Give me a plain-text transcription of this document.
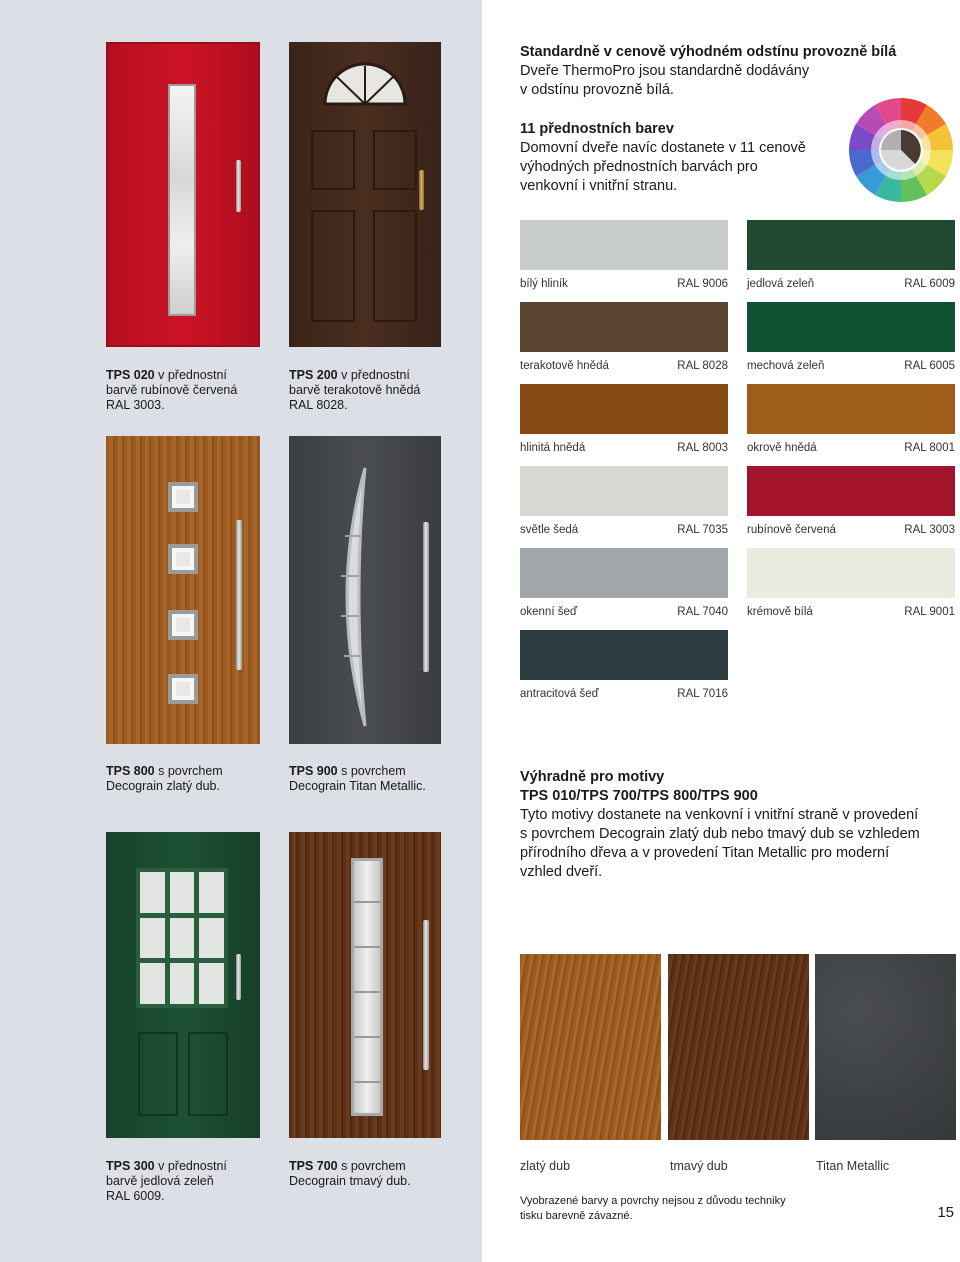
TPS 020 v přednostní
barvě rubínově červená
RAL 3003.
TPS 200 v přednostní
barvě terakotově hnědá
RAL 8028.
TPS 800 s povrchem
Decograin zlatý dub.
TPS 900 s povrchem
Decograin Titan Metallic.
TPS 300 v přednostní
barvě jedlová zeleň
RAL 6009.
TPS 700 s povrchem
Decograin tmavý dub.
Standardně v cenově výhodném odstínu provozně bílá
Dveře ThermoPro jsou standardně dodávány
v odstínu provozně bílá.
11 přednostních barev
Domovní dveře navíc dostanete v 11 cenově
výhodných přednostních barvách pro
venkovní i vnitřní stranu.
bílý hliník	RAL 9006 jedlová zeleň	RAL 6009
terakotově hnědá	RAL 8028 mechová zeleň	RAL 6005
hlinitá hnědá	RAL 8003 okrově hnědá	RAL 8001
světle šedá	RAL 7035 rubínově červená	RAL 3003
okenní šeď	RAL 7040 krémově bílá	RAL 9001
antracitová šeď	RAL 7016
Výhradně pro motivy
TPS 010/TPS 700/TPS 800/TPS 900
Tyto motivy dostanete na venkovní i vnitřní straně v provedení
s povrchem Decograin zlatý dub nebo tmavý dub se vzhledem
přírodního dřeva a v provedení Titan Metallic pro moderní
vzhled dveří.
zlatý dub	tmavý dub	Titan Metallic
Vyobrazené barvy a povrchy nejsou z důvodu techniky
tisku barevně závazné.	15
